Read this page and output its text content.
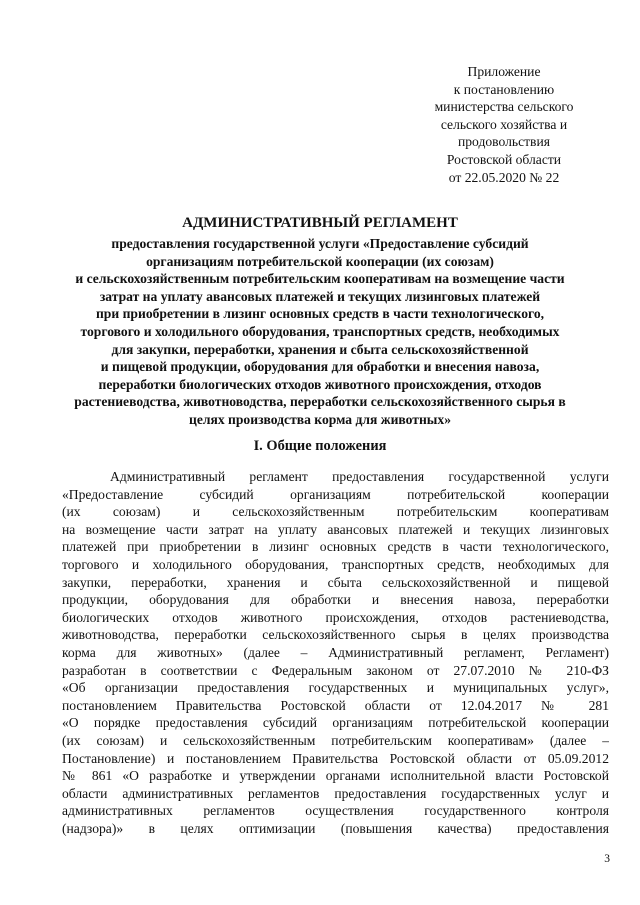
Приложение
к постановлению
министерства сельского
сельского хозяйства и
продовольствия
Ростовской области
от 22.05.2020 № 22
АДМИНИСТРАТИВНЫЙ РЕГЛАМЕНТ
предоставления государственной услуги «Предоставление субсидий
организациям потребительской кооперации (их союзам)
и сельскохозяйственным потребительским кооперативам на возмещение части
затрат на уплату авансовых платежей и текущих лизинговых платежей
при приобретении в лизинг основных средств в части технологического,
торгового и холодильного оборудования, транспортных средств, необходимых
для закупки, переработки, хранения и сбыта сельскохозяйственной
и пищевой продукции, оборудования для обработки и внесения навоза,
переработки биологических отходов животного происхождения, отходов
растениеводства, животноводства, переработки сельскохозяйственного сырья в
целях производства корма для животных»
I. Общие положения
Административный регламент предоставления государственной услуги
«Предоставление субсидий организациям потребительской кооперации
(их союзам) и сельскохозяйственным потребительским кооперативам
на возмещение части затрат на уплату авансовых платежей и текущих лизинговых
платежей при приобретении в лизинг основных средств в части технологического,
торгового и холодильного оборудования, транспортных средств, необходимых для
закупки, переработки, хранения и сбыта сельскохозяйственной и пищевой
продукции, оборудования для обработки и внесения навоза, переработки
биологических отходов животного происхождения, отходов растениеводства,
животноводства, переработки сельскохозяйственного сырья в целях производства
корма для животных» (далее – Административный регламент, Регламент)
разработан в соответствии с Федеральным законом от 27.07.2010 № 210-ФЗ
«Об организации предоставления государственных и муниципальных услуг»,
постановлением Правительства Ростовской области от 12.04.2017 № 281
«О порядке предоставления субсидий организациям потребительской кооперации
(их союзам) и сельскохозяйственным потребительским кооперативам» (далее –
Постановление) и постановлением Правительства Ростовской области от 05.09.2012
№ 861 «О разработке и утверждении органами исполнительной власти Ростовской
области административных регламентов предоставления государственных услуг и
административных регламентов осуществления государственного контроля
(надзора)» в целях оптимизации (повышения качества) предоставления
3
